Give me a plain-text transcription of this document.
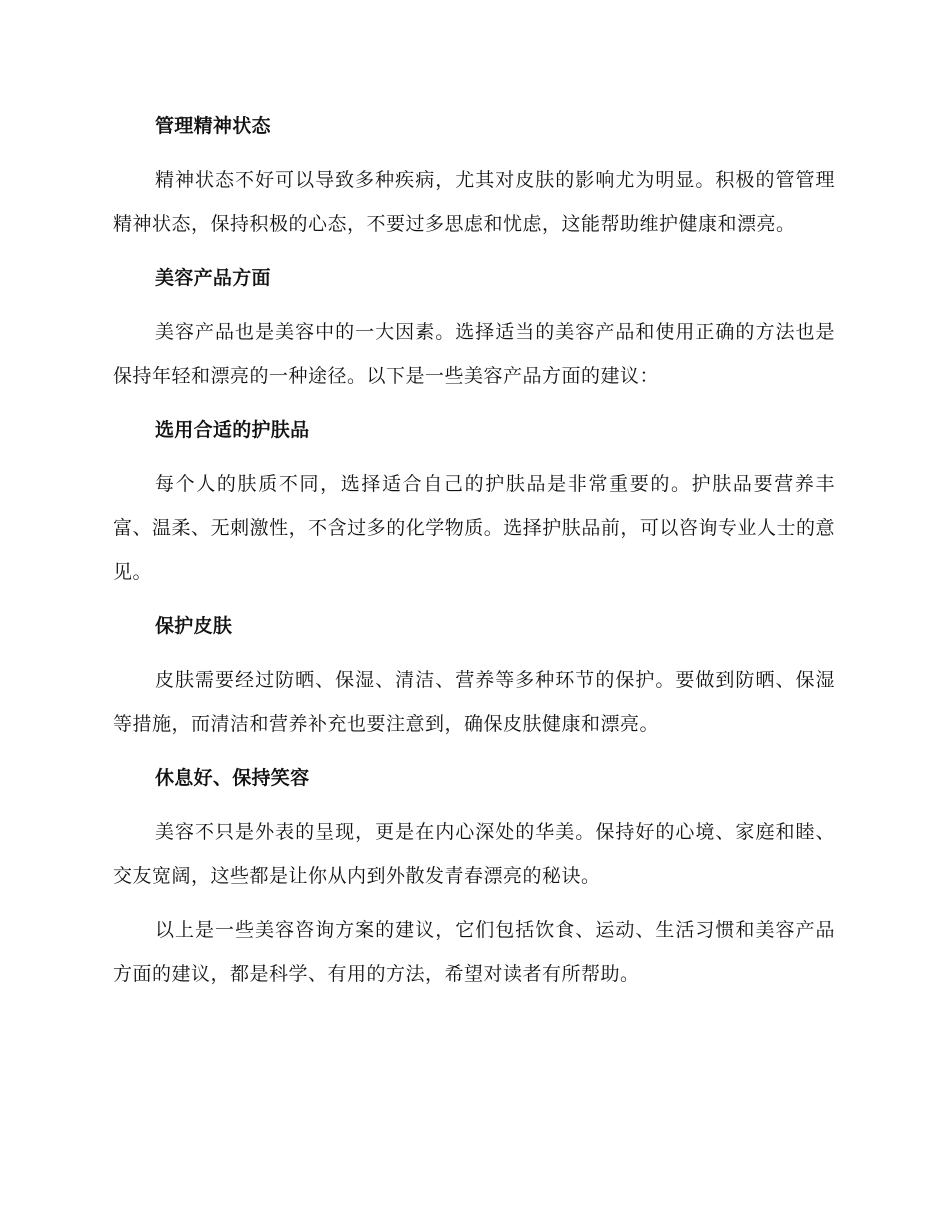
管理精神状态

精神状态不好可以导致多种疾病，尤其对皮肤的影响尤为明显。积极的管管理精神状态，保持积极的心态，不要过多思虑和忧虑，这能帮助维护健康和漂亮。

美容产品方面

美容产品也是美容中的一大因素。选择适当的美容产品和使用正确的方法也是保持年轻和漂亮的一种途径。以下是一些美容产品方面的建议：

选用合适的护肤品

每个人的肤质不同，选择适合自己的护肤品是非常重要的。护肤品要营养丰富、温柔、无刺激性，不含过多的化学物质。选择护肤品前，可以咨询专业人士的意见。

保护皮肤

皮肤需要经过防晒、保湿、清洁、营养等多种环节的保护。要做到防晒、保湿等措施，而清洁和营养补充也要注意到，确保皮肤健康和漂亮。

休息好、保持笑容

美容不只是外表的呈现，更是在内心深处的华美。保持好的心境、家庭和睦、交友宽阔，这些都是让你从内到外散发青春漂亮的秘诀。

以上是一些美容咨询方案的建议，它们包括饮食、运动、生活习惯和美容产品方面的建议，都是科学、有用的方法，希望对读者有所帮助。
